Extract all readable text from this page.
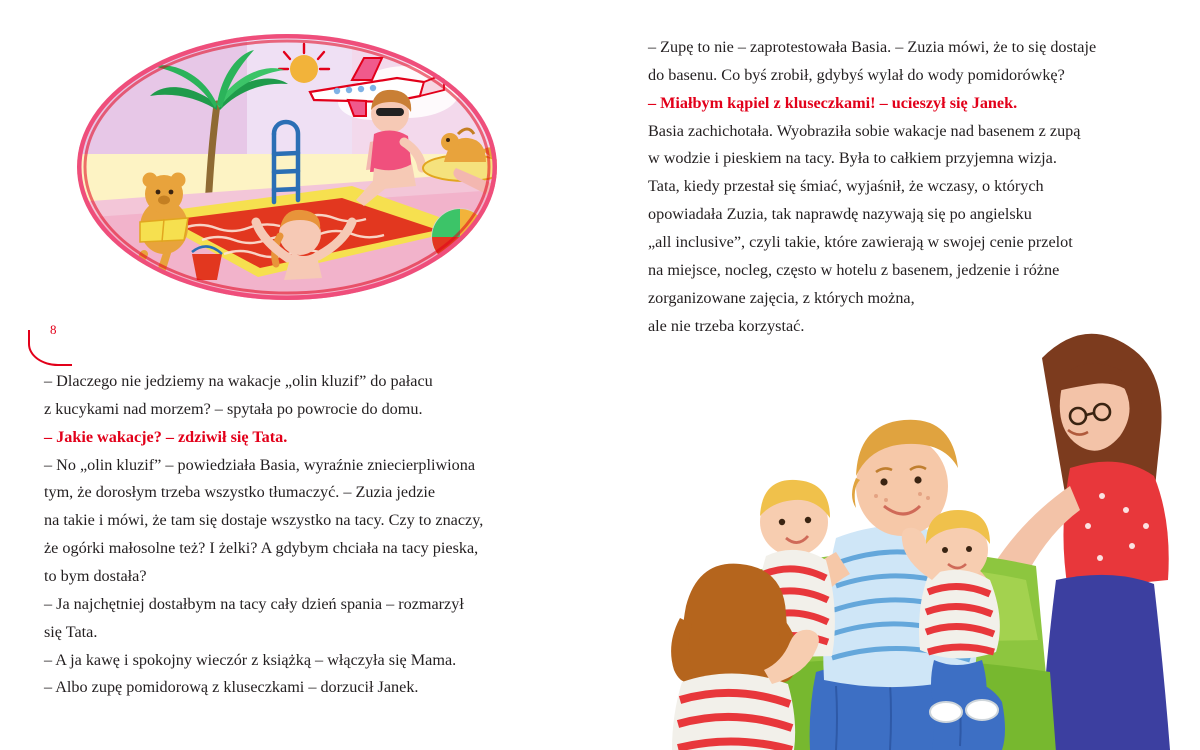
8

– Dlaczego nie jedziemy na wakacje „olin kluzif” do pałacu

z kucykami nad morzem? – spytała po powrocie do domu.

– Jakie wakacje? – zdziwił się Tata.

– No „olin kluzif” – powiedziała Basia, wyraźnie zniecierpliwiona

tym, że dorosłym trzeba wszystko tłumaczyć. – Zuzia jedzie

na takie i mówi, że tam się dostaje wszystko na tacy. Czy to znaczy,

że ogórki małosolne też? I żelki? A gdybym chciała na tacy pieska,

to bym dostała?

– Ja najchętniej dostałbym na tacy cały dzień spania – rozmarzył

się Tata.

– A ja kawę i spokojny wieczór z książką – włączyła się Mama.

– Albo zupę pomidorową z kluseczkami – dorzucił Janek.

– Zupę to nie – zaprotestowała Basia. – Zuzia mówi, że to się dostaje

do basenu. Co byś zrobił, gdybyś wylał do wody pomidorówkę?

– Miałbym kąpiel z kluseczkami! – ucieszył się Janek.

Basia zachichotała. Wyobraziła sobie wakacje nad basenem z zupą

w wodzie i pieskiem na tacy. Była to całkiem przyjemna wizja.

Tata, kiedy przestał się śmiać, wyjaśnił, że wczasy, o których

opowiadała Zuzia, tak naprawdę nazywają się po angielsku

„all inclusive”, czyli takie, które zawierają w swojej cenie przelot

na miejsce, nocleg, często w hotelu z basenem, jedzenie i różne

zorganizowane zajęcia, z których można,

ale nie trzeba korzystać.
